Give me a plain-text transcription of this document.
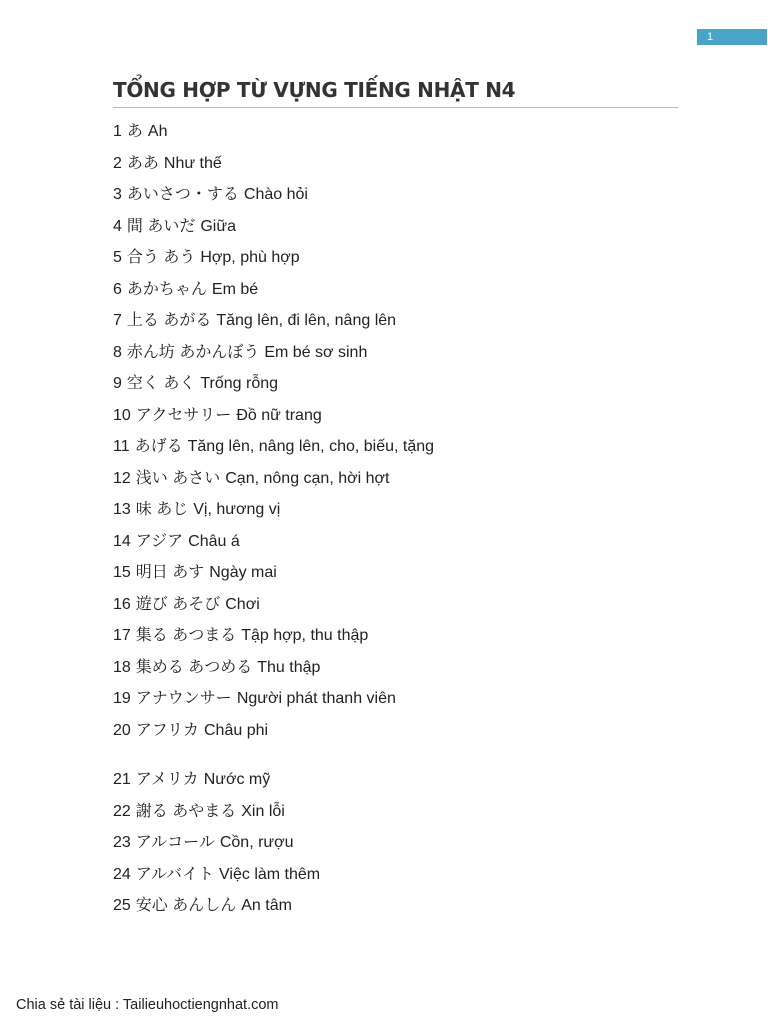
1
TỔNG HỢP TỪ VỰNG TIẾNG NHẬT N4
1 あ Ah
2 ああ Như thế
3 あいさつ・する Chào hỏi
4 間 あいだ Giữa
5 合う あう Hợp, phù hợp
6 あかちゃん Em bé
7 上る あがる Tăng lên, đi lên, nâng lên
8 赤ん坊 あかんぼう Em bé sơ sinh
9 空く あく Trống rỗng
10 アクセサリー Đồ nữ trang
11 あげる Tăng lên, nâng lên, cho, biếu, tặng
12 浅い あさい Cạn, nông cạn, hời hợt
13 味 あじ Vị, hương vị
14 アジア Châu á
15 明日 あす Ngày mai
16 遊び あそび Chơi
17 集る あつまる Tập hợp, thu thập
18 集める あつめる Thu thập
19 アナウンサー Người phát thanh viên
20 アフリカ Châu phi
21 アメリカ Nước mỹ
22 謝る あやまる Xin lỗi
23 アルコール Cồn, rượu
24 アルバイト Việc làm thêm
25 安心 あんしん An tâm
Chia sẻ tài liệu : Tailieuhoctiengnhat.com
